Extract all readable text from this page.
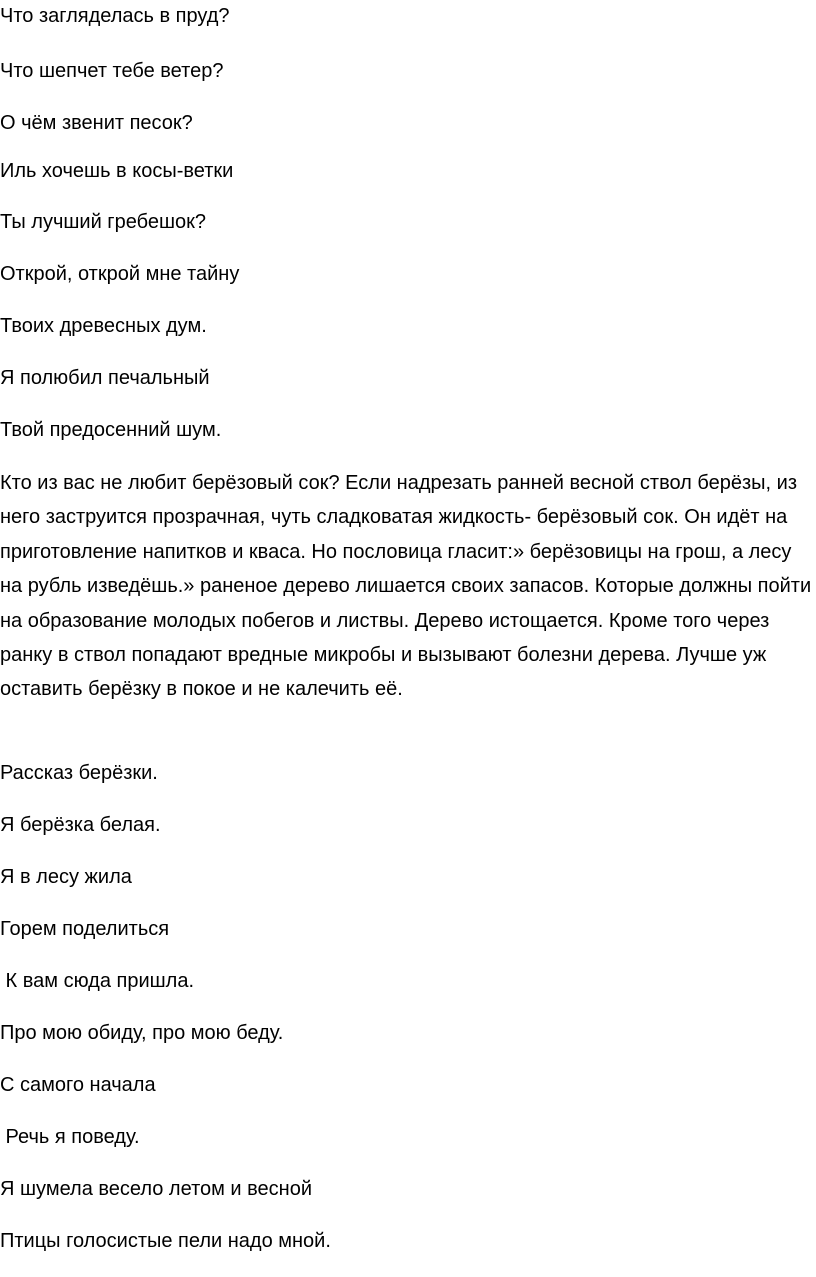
Что загляделась в пруд?

Что шепчет тебе ветер?

О чём звенит песок?

Иль хочешь в косы-ветки

Ты лучший гребешок?

Открой, открой мне тайну

Твоих древесных дум.

Я полюбил печальный

Твой предосенний шум.

Кто из вас не любит берёзовый сок? Если надрезать ранней весной ствол берёзы, из него заструится прозрачная, чуть сладковатая жидкость- берёзовый сок. Он идёт на приготовление напитков и кваса. Но пословица гласит:» берёзовицы на грош, а лесу на рубль изведёшь.» раненое дерево лишается своих запасов. Которые должны пойти на образование молодых побегов и листвы. Дерево истощается. Кроме того через ранку в ствол попадают вредные микробы и вызывают болезни дерева. Лучше уж оставить берёзку в покое и не калечить её.

Рассказ берёзки.

Я берёзка белая.

Я в лесу жила

Горем поделиться

К вам сюда пришла.

Про мою обиду, про мою беду.

С самого начала

Речь я поведу.

Я шумела весело летом и весной

Птицы голосистые пели надо мной.
